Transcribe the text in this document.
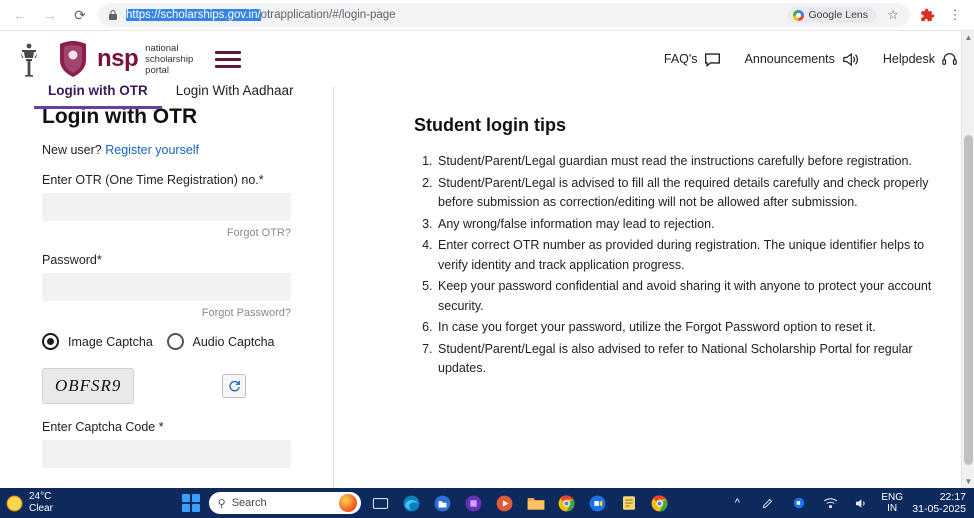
←	→	⟳	https://scholarships.gov.in/otrapplication/#/login-page	Google Lens	☆	⋮
nsp national
scholarship
portal
FAQ's	Announcements	Helpdesk
Login with OTR	Login With Aadhaar
Login with OTR
New user? Register yourself
Enter OTR (One Time Registration) no.*
Forgot OTR?
Password*
Forgot Password?
Image Captcha	Audio Captcha
OBFSR9
Enter Captcha Code *
Student login tips
1. Student/Parent/Legal guardian must read the instructions carefully before registration.
2. Student/Parent/Legal is advised to fill all the required details carefully and check properly before submission as correction/editing will not be allowed after submission.
3. Any wrong/false information may lead to rejection.
4. Enter correct OTR number as provided during registration. The unique identifier helps to verify identity and track application progress.
5. Keep your password confidential and avoid sharing it with anyone to protect your account security.
6. In case you forget your password, utilize the Forgot Password option to reset it.
7. Student/Parent/Legal is also advised to refer to National Scholarship Portal for regular updates.
▲
▼
24°C
Clear	⚲ Search	^	ENG
IN
22:17
31-05-2025
